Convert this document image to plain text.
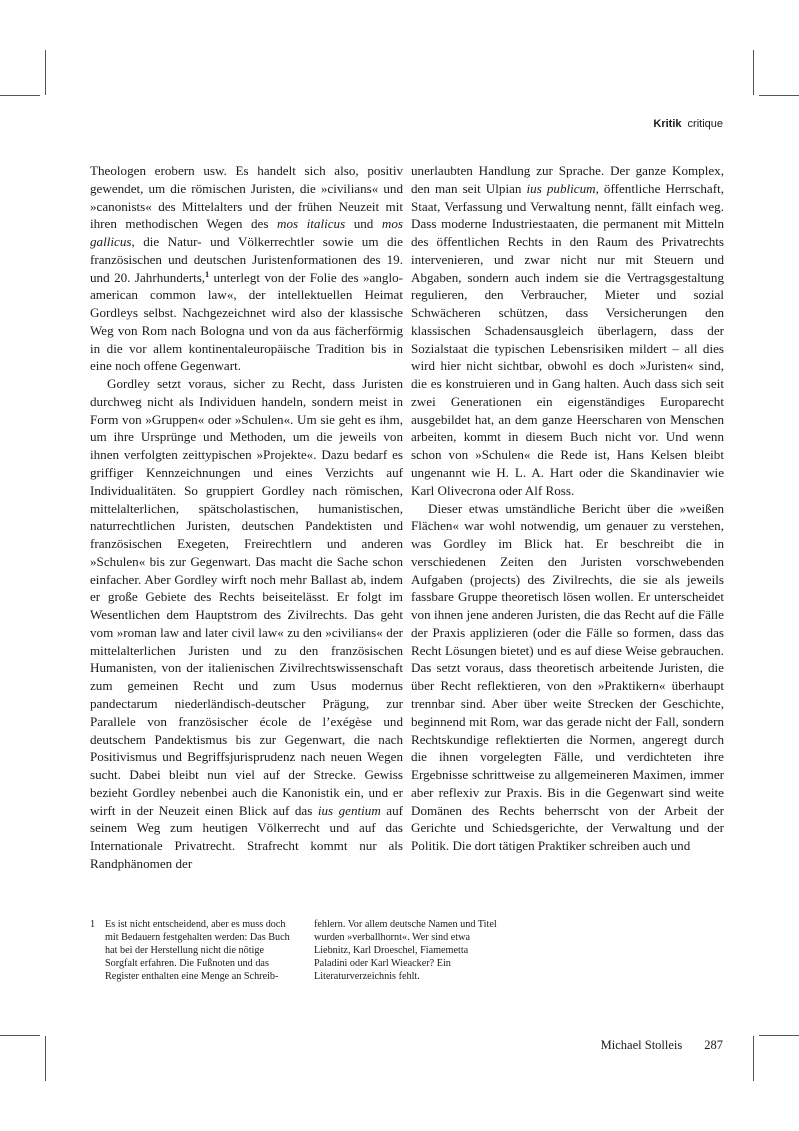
Kritik critique

Theologen erobern usw. Es handelt sich also, positiv gewendet, um die römischen Juristen, die »civilians« und »canonists« des Mittelalters und der frühen Neuzeit mit ihren methodischen Wegen des mos italicus und mos gallicus, die Natur- und Völkerrechtler sowie um die französischen und deutschen Juristenformationen des 19. und 20. Jahrhunderts,$^1$ unterlegt von der Folie des »anglo-american common law«, der intellektuellen Heimat Gordleys selbst. Nachgezeichnet wird also der klassische Weg von Rom nach Bologna und von da aus fächerförmig in die vor allem kontinentaleuropäische Tradition bis in eine noch offene Gegenwart.

Gordley setzt voraus, sicher zu Recht, dass Juristen durchweg nicht als Individuen handeln, sondern meist in Form von »Gruppen« oder »Schulen«. Um sie geht es ihm, um ihre Ursprünge und Methoden, um die jeweils von ihnen verfolgten zeittypischen »Projekte«. Dazu bedarf es griffiger Kennzeichnungen und eines Verzichts auf Individualitäten. So gruppiert Gordley nach römischen, mittelalterlichen, spätscholastischen, humanistischen, naturrechtlichen Juristen, deutschen Pandektisten und französischen Exegeten, Freirechtlern und anderen »Schulen« bis zur Gegenwart. Das macht die Sache schon einfacher. Aber Gordley wirft noch mehr Ballast ab, indem er große Gebiete des Rechts beiseitelässt. Er folgt im Wesentlichen dem Hauptstrom des Zivilrechts. Das geht vom »roman law and later civil law« zu den »civilians« der mittelalterlichen Juristen und zu den französischen Humanisten, von der italienischen Zivilrechtswissenschaft zum gemeinen Recht und zum Usus modernus pandectarum niederländisch-deutscher Prägung, zur Parallele von französischer école de l’exégèse und deutschem Pandektismus bis zur Gegenwart, die nach Positivismus und Begriffsjurisprudenz nach neuen Wegen sucht. Dabei bleibt nun viel auf der Strecke. Gewiss bezieht Gordley nebenbei auch die Kanonistik ein, und er wirft in der Neuzeit einen Blick auf das ius gentium auf seinem Weg zum heutigen Völkerrecht und auf das Internationale Privatrecht. Strafrecht kommt nur als Randphänomen der

unerlaubten Handlung zur Sprache. Der ganze Komplex, den man seit Ulpian ius publicum, öffentliche Herrschaft, Staat, Verfassung und Verwaltung nennt, fällt einfach weg. Dass moderne Industriestaaten, die permanent mit Mitteln des öffentlichen Rechts in den Raum des Privatrechts intervenieren, und zwar nicht nur mit Steuern und Abgaben, sondern auch indem sie die Vertragsgestaltung regulieren, den Verbraucher, Mieter und sozial Schwächeren schützen, dass Versicherungen den klassischen Schadensausgleich überlagern, dass der Sozialstaat die typischen Lebensrisiken mildert – all dies wird hier nicht sichtbar, obwohl es doch »Juristen« sind, die es konstruieren und in Gang halten. Auch dass sich seit zwei Generationen ein eigenständiges Europarecht ausgebildet hat, an dem ganze Heerscharen von Menschen arbeiten, kommt in diesem Buch nicht vor. Und wenn schon von »Schulen« die Rede ist, Hans Kelsen bleibt ungenannt wie H. L. A. Hart oder die Skandinavier wie Karl Olivecrona oder Alf Ross.

Dieser etwas umständliche Bericht über die »weißen Flächen« war wohl notwendig, um genauer zu verstehen, was Gordley im Blick hat. Er beschreibt die in verschiedenen Zeiten den Juristen vorschwebenden Aufgaben (projects) des Zivilrechts, die sie als jeweils fassbare Gruppe theoretisch lösen wollen. Er unterscheidet von ihnen jene anderen Juristen, die das Recht auf die Fälle der Praxis applizieren (oder die Fälle so formen, dass das Recht Lösungen bietet) und es auf diese Weise gebrauchen. Das setzt voraus, dass theoretisch arbeitende Juristen, die über Recht reflektieren, von den »Praktikern« überhaupt trennbar sind. Aber über weite Strecken der Geschichte, beginnend mit Rom, war das gerade nicht der Fall, sondern Rechtskundige reflektierten die Normen, angeregt durch die ihnen vorgelegten Fälle, und verdichteten ihre Ergebnisse schrittweise zu allgemeineren Maximen, immer aber reflexiv zur Praxis. Bis in die Gegenwart sind weite Domänen des Rechts beherrscht von der Arbeit der Gerichte und Schiedsgerichte, der Verwaltung und der Politik. Die dort tätigen Praktiker schreiben auch und

1 Es ist nicht entscheidend, aber es muss doch mit Bedauern festgehalten werden: Das Buch hat bei der Herstellung nicht die nötige Sorgfalt erfahren. Die Fußnoten und das Register enthalten eine Menge an Schreib-

fehlern. Vor allem deutsche Namen und Titel wurden »verballhornt«. Wer sind etwa Liebnitz, Karl Droeschel, Fiamemetta Paladini oder Karl Wieacker? Ein Literaturverzeichnis fehlt.

Michael Stolleis 287
